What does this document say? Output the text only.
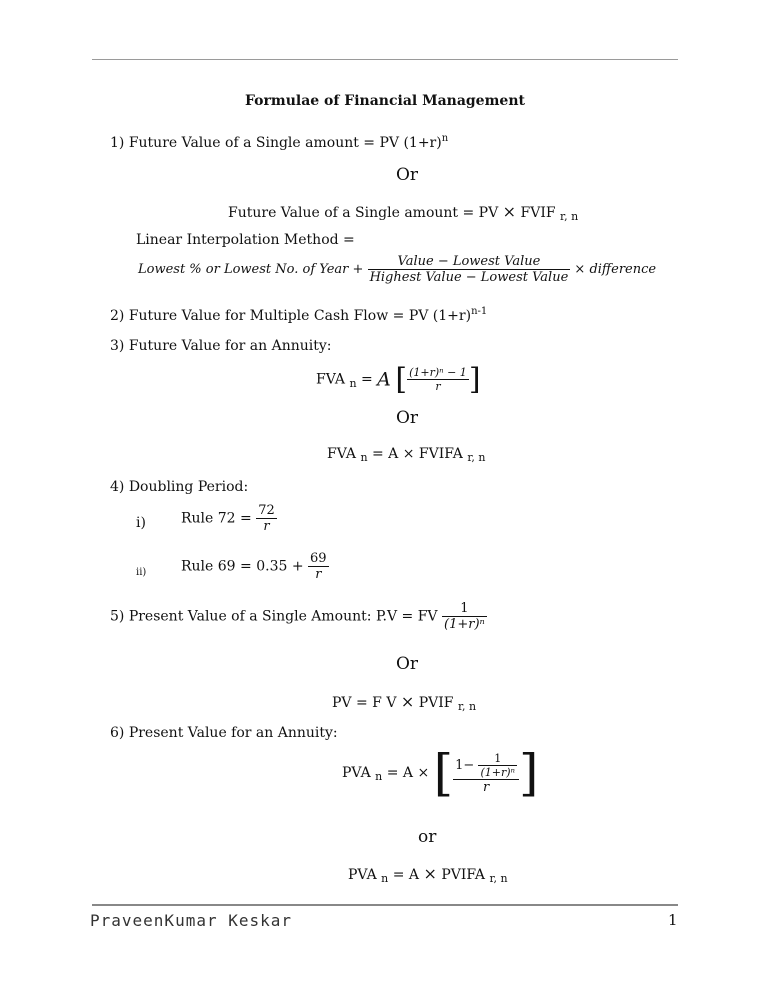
Formulae of Financial Management
1) Future Value of a Single amount = PV $(1+r)^n$
Or
Future Value of a Single amount = PV × FVIF $_{r, n}$
Linear Interpolation Method =
Lowest % or Lowest No. of Year + $\frac{\text{Value − Lowest Value}}{\text{Highest Value − Lowest Value}}$ × difference
2) Future Value for Multiple Cash Flow = PV $(1+r)^{n-1}$
3) Future Value for an Annuity:
FVA $_n$ = A [ $\frac{\text{(1+r)ⁿ − 1}}{r}$ ]
Or
FVA $_n$ = A × FVIFA $_{r, n}$
4) Doubling Period:
i)	Rule $72 = \frac{72}{r}$
ii) Rule $69 = 0.35 + \frac{69}{r}$
5) Present Value of a Single Amount: P.V = FV $\frac{1}{\text{(1+r)ⁿ}}$
Or
PV = F V × PVIF $_{r, n}$
6) Present Value for an Annuity:
PVA $_n$ = A × [ $\frac{1- \frac{1}{\text{(1+r)ⁿ}}}{r}$ ]
or
PVA $_n$ = A × PVIFA $_{r, n}$
PraveenKumar Keskar	1
